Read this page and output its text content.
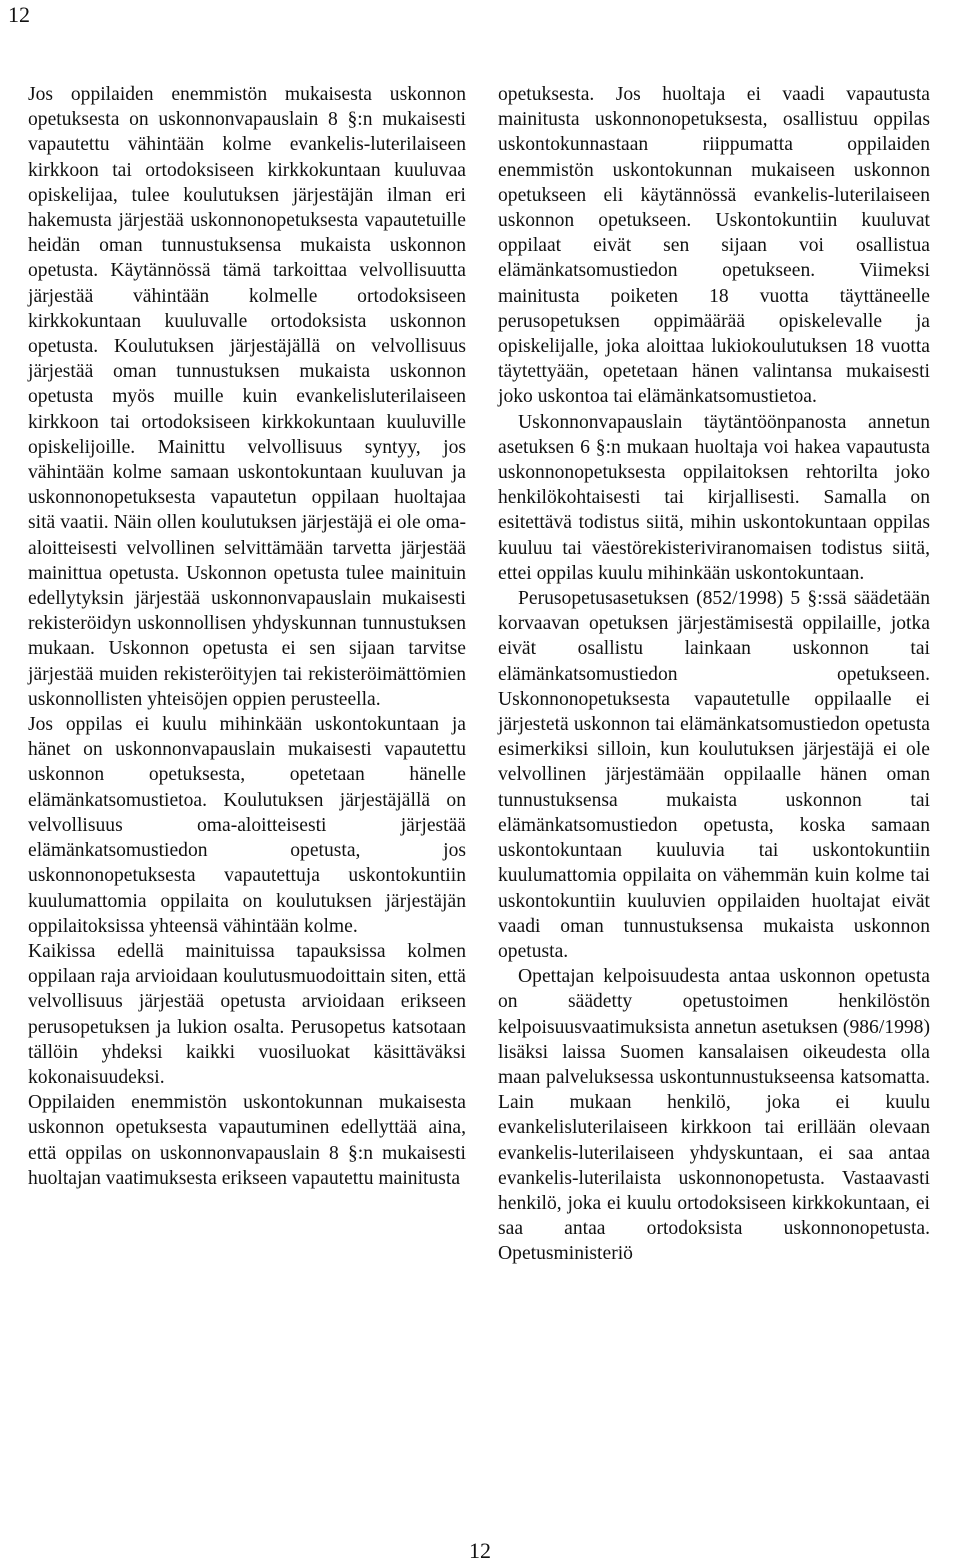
12

Jos oppilaiden enemmistön mukaisesta uskonnon opetuksesta on uskonnonvapauslain 8 §:n mukaisesti vapautettu vähintään kolme evankelis-luterilaiseen kirkkoon tai ortodoksiseen kirkkokuntaan kuuluvaa opiskelijaa, tulee koulutuksen järjestäjän ilman eri hakemusta järjestää uskonnonopetuksesta vapautetuille heidän oman tunnustuksensa mukaista uskonnon opetusta. Käytännössä tämä tarkoittaa velvollisuutta järjestää vähintään kolmelle ortodoksiseen kirkkokuntaan kuuluvalle ortodoksista uskonnon opetusta. Koulutuksen järjestäjällä on velvollisuus järjestää oman tunnustuksen mukaista uskonnon opetusta myös muille kuin evankelisluterilaiseen kirkkoon tai ortodoksiseen kirkkokuntaan kuuluville opiskelijoille. Mainittu velvollisuus syntyy, jos vähintään kolme samaan uskontokuntaan kuuluvan ja uskonnonopetuksesta vapautetun oppilaan huoltajaa sitä vaatii. Näin ollen koulutuksen järjestäjä ei ole oma-aloitteisesti velvollinen selvittämään tarvetta järjestää mainittua opetusta. Uskonnon opetusta tulee mainituin edellytyksin järjestää uskonnonvapauslain mukaisesti rekisteröidyn uskonnollisen yhdyskunnan tunnustuksen mukaan. Uskonnon opetusta ei sen sijaan tarvitse järjestää muiden rekisteröityjen tai rekisteröimättömien uskonnollisten yhteisöjen oppien perusteella.

Jos oppilas ei kuulu mihinkään uskontokuntaan ja hänet on uskonnonvapauslain mukaisesti vapautettu uskonnon opetuksesta, opetetaan hänelle elämänkatsomustietoa. Koulutuksen järjestäjällä on velvollisuus oma-aloitteisesti järjestää elämänkatsomustiedon opetusta, jos uskonnonopetuksesta vapautettuja uskontokuntiin kuulumattomia oppilaita on koulutuksen järjestäjän oppilaitoksissa yhteensä vähintään kolme.

Kaikissa edellä mainituissa tapauksissa kolmen oppilaan raja arvioidaan koulutusmuodoittain siten, että velvollisuus järjestää opetusta arvioidaan erikseen perusopetuksen ja lukion osalta. Perusopetus katsotaan tällöin yhdeksi kaikki vuosiluokat käsittäväksi kokonaisuudeksi.

Oppilaiden enemmistön uskontokunnan mukaisesta uskonnon opetuksesta vapautuminen edellyttää aina, että oppilas on uskonnonvapauslain 8 §:n mukaisesti huoltajan vaatimuksesta erikseen vapautettu mainitusta

opetuksesta. Jos huoltaja ei vaadi vapautusta mainitusta uskonnonopetuksesta, osallistuu oppilas uskontokunnastaan riippumatta oppilaiden enemmistön uskontokunnan mukaiseen uskonnon opetukseen eli käytännössä evankelis-luterilaiseen uskonnon opetukseen. Uskontokuntiin kuuluvat oppilaat eivät sen sijaan voi osallistua elämänkatsomustiedon opetukseen. Viimeksi mainitusta poiketen 18 vuotta täyttäneelle perusopetuksen oppimäärää opiskelevalle ja opiskelijalle, joka aloittaa lukiokoulutuksen 18 vuotta täytettyään, opetetaan hänen valintansa mukaisesti joko uskontoa tai elämänkatsomustietoa.

Uskonnonvapauslain täytäntöönpanosta annetun asetuksen 6 §:n mukaan huoltaja voi hakea vapautusta uskonnonopetuksesta oppilaitoksen rehtorilta joko henkilökohtaisesti tai kirjallisesti. Samalla on esitettävä todistus siitä, mihin uskontokuntaan oppilas kuuluu tai väestörekisteriviranomaisen todistus siitä, ettei oppilas kuulu mihinkään uskontokuntaan.

Perusopetusasetuksen (852/1998) 5 §:ssä säädetään korvaavan opetuksen järjestämisestä oppilaille, jotka eivät osallistu lainkaan uskonnon tai elämänkatsomustiedon opetukseen. Uskonnonopetuksesta vapautetulle oppilaalle ei järjestetä uskonnon tai elämänkatsomustiedon opetusta esimerkiksi silloin, kun koulutuksen järjestäjä ei ole velvollinen järjestämään oppilaalle hänen oman tunnustuksensa mukaista uskonnon tai elämänkatsomustiedon opetusta, koska samaan uskontokuntaan kuuluvia tai uskontokuntiin kuulumattomia oppilaita on vähemmän kuin kolme tai uskontokuntiin kuuluvien oppilaiden huoltajat eivät vaadi oman tunnustuksensa mukaista uskonnon opetusta.

Opettajan kelpoisuudesta antaa uskonnon opetusta on säädetty opetustoimen henkilöstön kelpoisuusvaatimuksista annetun asetuksen (986/1998) lisäksi laissa Suomen kansalaisen oikeudesta olla maan palveluksessa uskontunnustukseensa katsomatta. Lain mukaan henkilö, joka ei kuulu evankelisluterilaiseen kirkkoon tai erillään olevaan evankelis-luterilaiseen yhdyskuntaan, ei saa antaa evankelis-luterilaista uskonnonopetusta. Vastaavasti henkilö, joka ei kuulu ortodoksiseen kirkkokuntaan, ei saa antaa ortodoksista uskonnonopetusta. Opetusministeriö

12
